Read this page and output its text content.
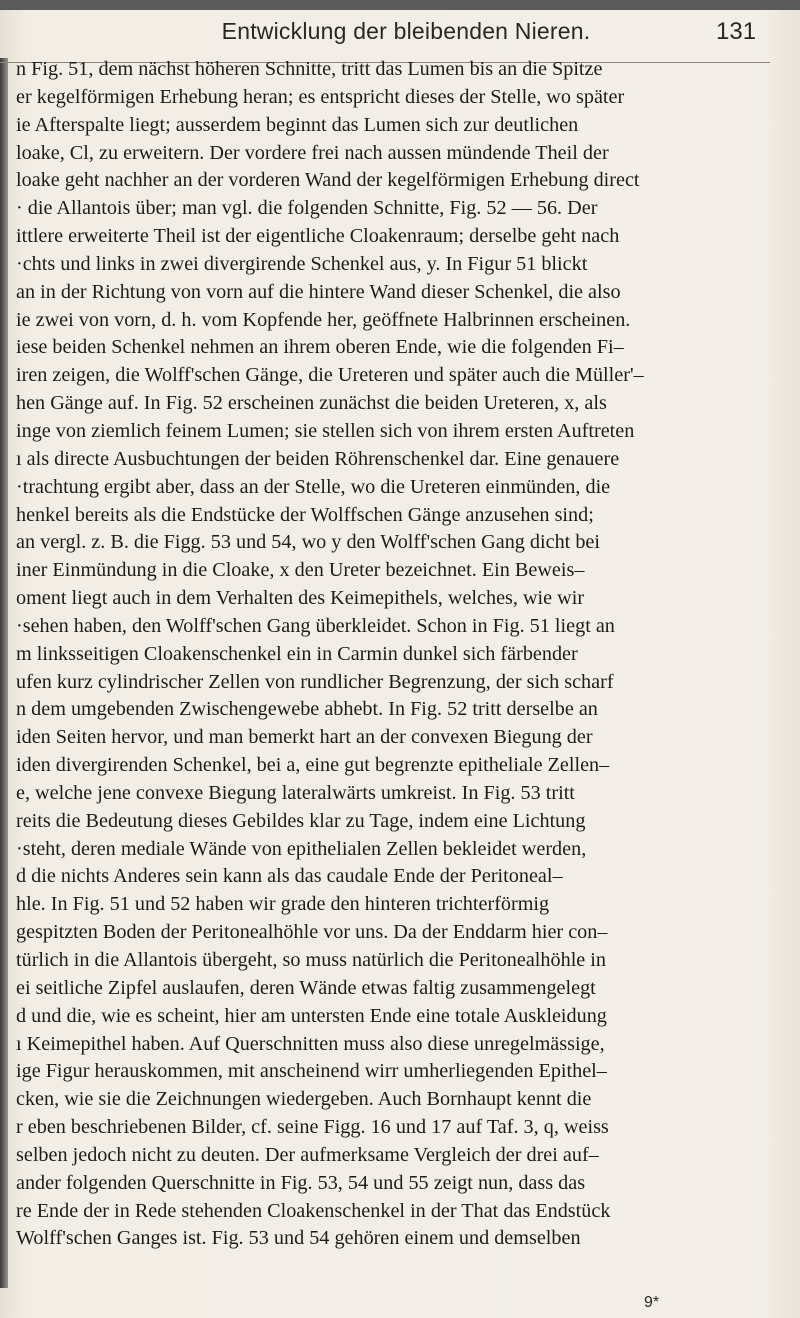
Entwicklung der bleibenden Nieren.	131
n Fig. 51, dem nächst höheren Schnitte, tritt das Lumen bis an die Spitze
er kegelförmigen Erhebung heran; es entspricht dieses der Stelle, wo später
ie Afterspalte liegt; ausserdem beginnt das Lumen sich zur deutlichen
loake, Cl, zu erweitern. Der vordere frei nach aussen mündende Theil der
loake geht nachher an der vorderen Wand der kegelförmigen Erhebung direct
· die Allantois über; man vgl. die folgenden Schnitte, Fig. 52 — 56. Der
ittlere erweiterte Theil ist der eigentliche Cloakenraum; derselbe geht nach
·chts und links in zwei divergirende Schenkel aus, y. In Figur 51 blickt
an in der Richtung von vorn auf die hintere Wand dieser Schenkel, die also
ie zwei von vorn, d. h. vom Kopfende her, geöffnete Halbrinnen erscheinen.
iese beiden Schenkel nehmen an ihrem oberen Ende, wie die folgenden Fi–
iren zeigen, die Wolff'schen Gänge, die Ureteren und später auch die Müller'–
hen Gänge auf. In Fig. 52 erscheinen zunächst die beiden Ureteren, x, als
inge von ziemlich feinem Lumen; sie stellen sich von ihrem ersten Auftreten
ı als directe Ausbuchtungen der beiden Röhrenschenkel dar. Eine genauere
·trachtung ergibt aber, dass an der Stelle, wo die Ureteren einmünden, die
henkel bereits als die Endstücke der Wolffschen Gänge anzusehen sind;
an vergl. z. B. die Figg. 53 und 54, wo y den Wolff'schen Gang dicht bei
iner Einmündung in die Cloake, x den Ureter bezeichnet. Ein Beweis–
oment liegt auch in dem Verhalten des Keimepithels, welches, wie wir
·sehen haben, den Wolff'schen Gang überkleidet. Schon in Fig. 51 liegt an
m linksseitigen Cloakenschenkel ein in Carmin dunkel sich färbender
ufen kurz cylindrischer Zellen von rundlicher Begrenzung, der sich scharf
n dem umgebenden Zwischengewebe abhebt. In Fig. 52 tritt derselbe an
iden Seiten hervor, und man bemerkt hart an der convexen Biegung der
iden divergirenden Schenkel, bei a, eine gut begrenzte epitheliale Zellen–
e, welche jene convexe Biegung lateralwärts umkreist. In Fig. 53 tritt
reits die Bedeutung dieses Gebildes klar zu Tage, indem eine Lichtung
·steht, deren mediale Wände von epithelialen Zellen bekleidet werden,
d die nichts Anderes sein kann als das caudale Ende der Peritoneal–
hle. In Fig. 51 und 52 haben wir grade den hinteren trichterförmig
gespitzten Boden der Peritonealhöhle vor uns. Da der Enddarm hier con–
türlich in die Allantois übergeht, so muss natürlich die Peritonealhöhle in
ei seitliche Zipfel auslaufen, deren Wände etwas faltig zusammengelegt
d und die, wie es scheint, hier am untersten Ende eine totale Auskleidung
ı Keimepithel haben. Auf Querschnitten muss also diese unregelmässige,
ige Figur herauskommen, mit anscheinend wirr umherliegenden Epithel–
cken, wie sie die Zeichnungen wiedergeben. Auch Bornhaupt kennt die
r eben beschriebenen Bilder, cf. seine Figg. 16 und 17 auf Taf. 3, q, weiss
selben jedoch nicht zu deuten. Der aufmerksame Vergleich der drei auf–
ander folgenden Querschnitte in Fig. 53, 54 und 55 zeigt nun, dass das
re Ende der in Rede stehenden Cloakenschenkel in der That das Endstück
Wolff'schen Ganges ist. Fig. 53 und 54 gehören einem und demselben
9*
